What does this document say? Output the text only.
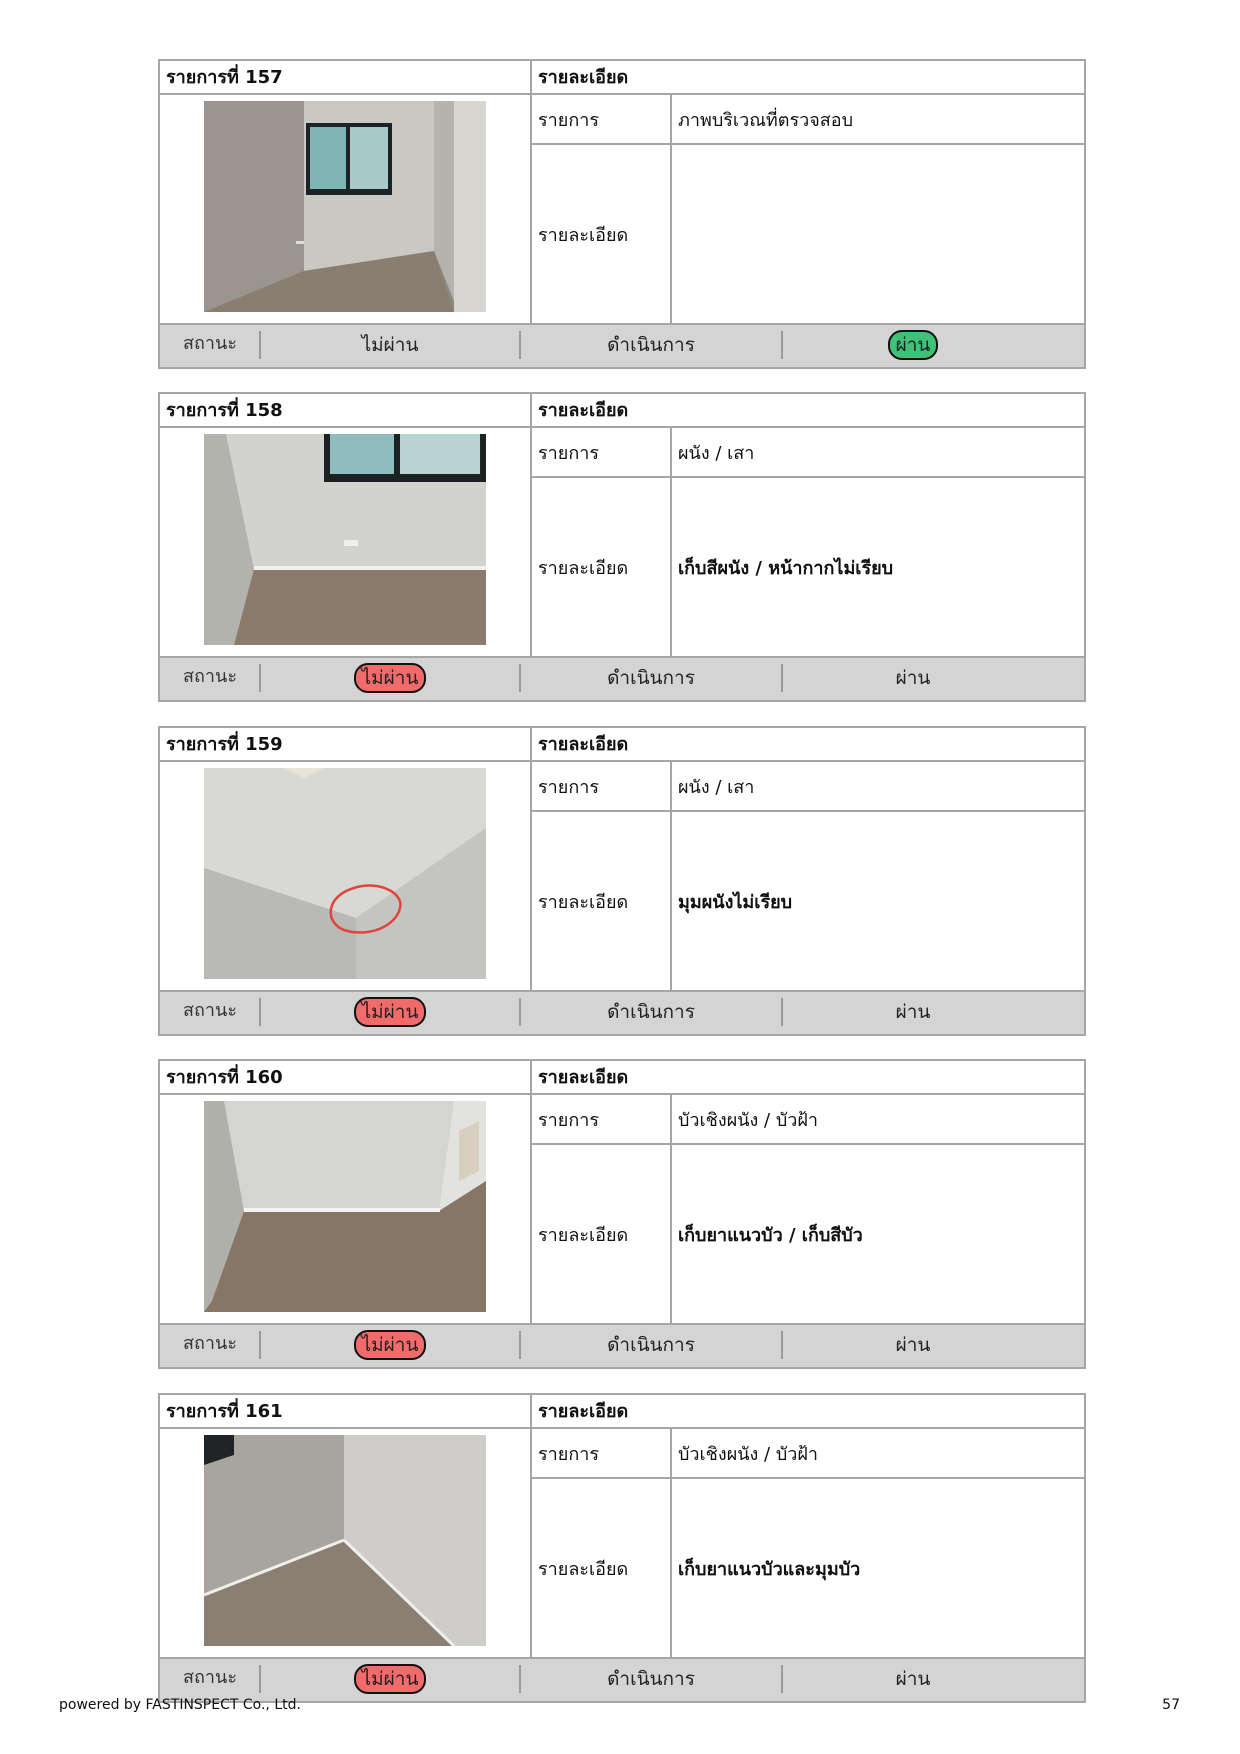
รายการที่ 157	รายละเอียด
รายการ	ภาพบริเวณที่ตรวจสอบ
รายละเอียด
สถานะ	ไม่ผ่าน	ดำเนินการ	ผ่าน
รายการที่ 158	รายละเอียด
รายการ	ผนัง / เสา
รายละเอียด	เก็บสีผนัง / หน้ากากไม่เรียบ
สถานะ	ไม่ผ่าน	ดำเนินการ	ผ่าน
รายการที่ 159	รายละเอียด
รายการ	ผนัง / เสา
รายละเอียด	มุมผนังไม่เรียบ
สถานะ	ไม่ผ่าน	ดำเนินการ	ผ่าน
รายการที่ 160	รายละเอียด
รายการ	บัวเชิงผนัง / บัวฝ้า
รายละเอียด	เก็บยาแนวบัว / เก็บสีบัว
สถานะ	ไม่ผ่าน	ดำเนินการ	ผ่าน
รายการที่ 161	รายละเอียด
รายการ	บัวเชิงผนัง / บัวฝ้า
รายละเอียด	เก็บยาแนวบัวและมุมบัว
สถานะ	ไม่ผ่าน	ดำเนินการ	ผ่าน
powered by FASTINSPECT Co., Ltd.	57
